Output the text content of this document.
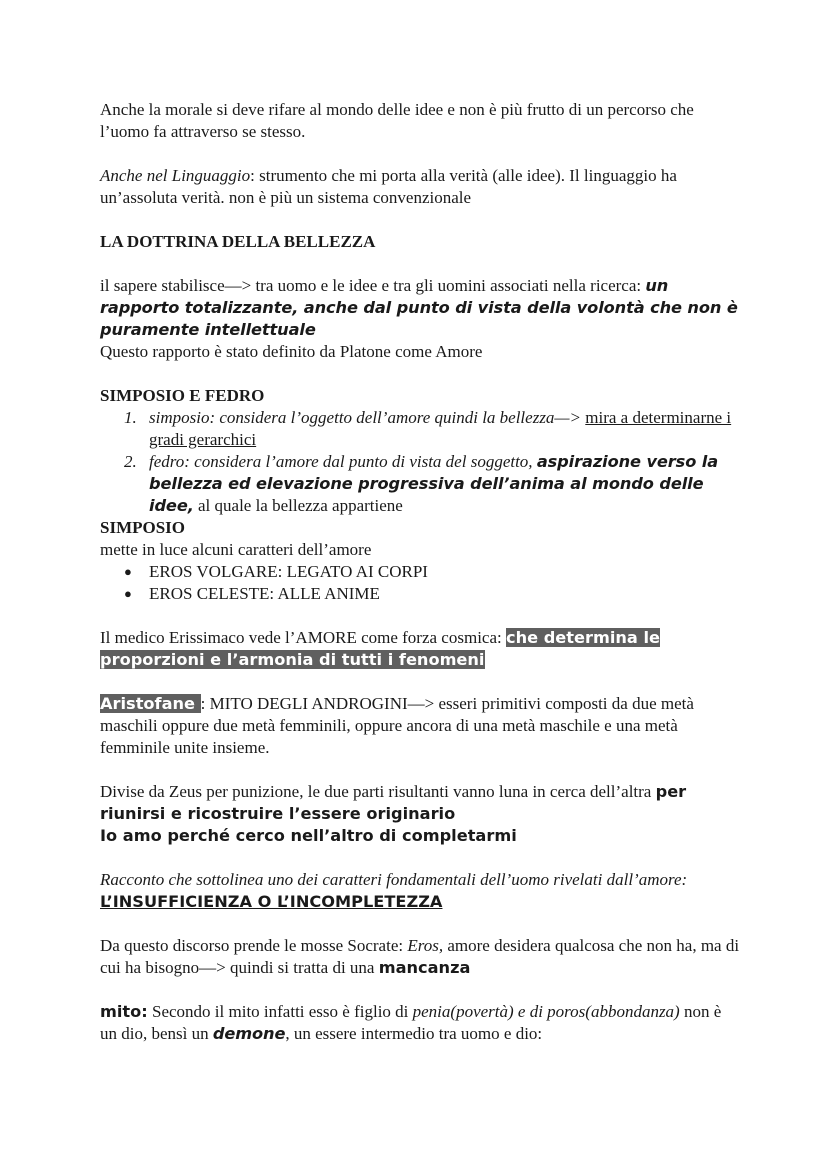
Anche la morale si deve rifare al mondo delle idee e non è più frutto di un percorso che l’uomo fa attraverso se stesso.

Anche nel Linguaggio: strumento che mi porta alla verità (alle idee). Il linguaggio ha un’assoluta verità. non è più un sistema convenzionale

LA DOTTRINA DELLA BELLEZZA

il sapere stabilisce—> tra uomo e le idee e tra gli uomini associati nella ricerca: un rapporto totalizzante, anche dal punto di vista della volontà che non è puramente intellettuale

Questo rapporto è stato definito da Platone come Amore

SIMPOSIO E FEDRO

1. simposio: considera l’oggetto dell’amore quindi la bellezza—> mira a determinarne i gradi gerarchici
2. fedro: considera l’amore dal punto di vista del soggetto, aspirazione verso la bellezza ed elevazione progressiva dell’anima al mondo delle idee, al quale la bellezza appartiene

SIMPOSIO

mette in luce alcuni caratteri dell’amore

● EROS VOLGARE: LEGATO AI CORPI
● EROS CELESTE: ALLE ANIME

Il medico Erissimaco vede l’AMORE come forza cosmica: che determina le proporzioni e l’armonia di tutti i fenomeni

Aristofane : MITO DEGLI ANDROGINI—> esseri primitivi composti da due metà maschili oppure due metà femminili, oppure ancora di una metà maschile e una metà femminile unite insieme.

Divise da Zeus per punizione, le due parti risultanti vanno luna in cerca dell’altra per riunirsi e ricostruire l’essere originario

Io amo perché cerco nell’altro di completarmi

Racconto che sottolinea uno dei caratteri fondamentali dell’uomo rivelati dall’amore: L’INSUFFICIENZA O L’INCOMPLETEZZA

Da questo discorso prende le mosse Socrate: Eros, amore desidera qualcosa che non ha, ma di cui ha bisogno—> quindi si tratta di una mancanza

mito: Secondo il mito infatti esso è figlio di penia(povertà) e di poros(abbondanza) non è un dio, bensì un demone, un essere intermedio tra uomo e dio:
